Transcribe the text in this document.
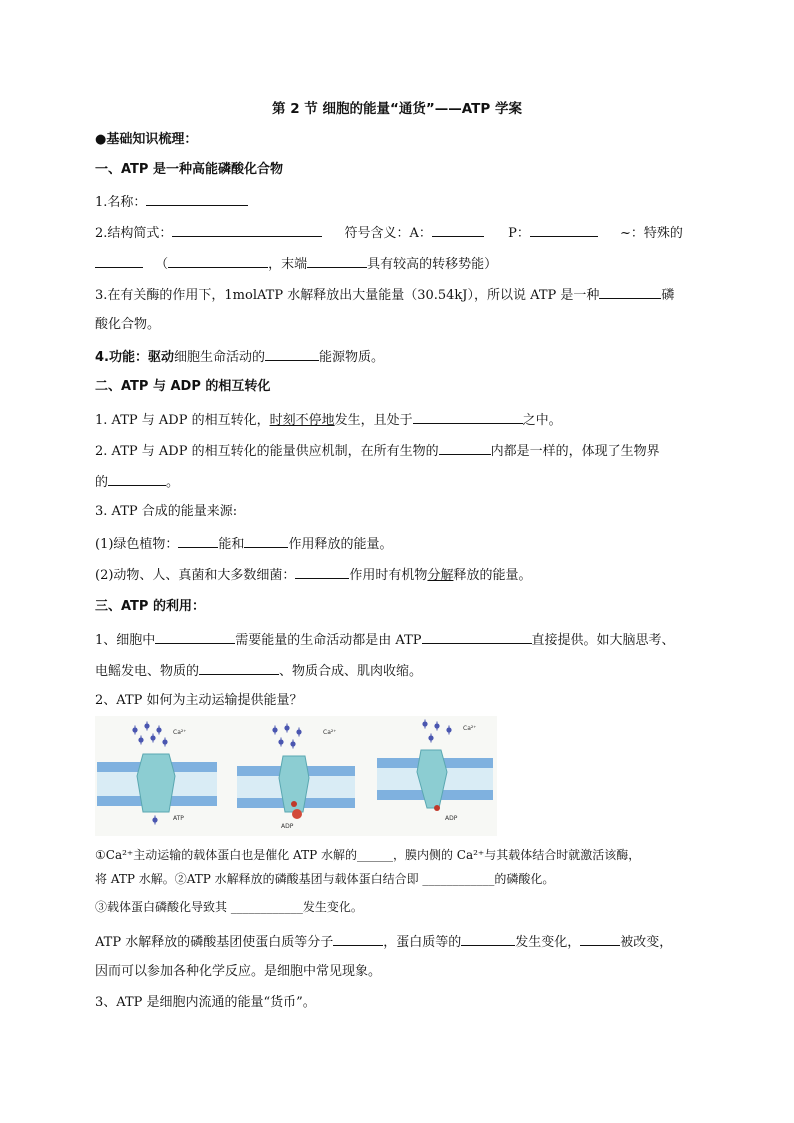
第 2 节 细胞的能量“通货”——ATP 学案
●基础知识梳理：
一、ATP 是一种高能磷酸化合物
1.名称：
2.结构简式：	符号含义：A：	P：	~：特殊的
（	，末端	具有较高的转移势能）
3.在有关酶的作用下，1molATP 水解释放出大量能量（30.54kJ），所以说 ATP 是一种	磷
酸化合物。
4.功能：驱动细胞生命活动的	能源物质。
二、ATP 与 ADP 的相互转化
1. ATP 与 ADP 的相互转化，时刻不停地发生，且处于	之中。
2. ATP 与 ADP 的相互转化的能量供应机制，在所有生物的	内都是一样的，体现了生物界
的	。
3. ATP 合成的能量来源:
(1)绿色植物：	能和	作用释放的能量。
(2)动物、人、真菌和大多数细菌：	作用时有机物分解释放的能量。
三、ATP 的利用：
1、细胞中	需要能量的生命活动都是由 ATP	直接提供。如大脑思考、
电鳐发电、物质的	、物质合成、肌肉收缩。
2、ATP 如何为主动运输提供能量？
Ca²⁺
ATP
Ca²⁺
ADP
Ca²⁺
ADP
①Ca²⁺主动运输的载体蛋白也是催化 ATP 水解的______，膜内侧的 Ca²⁺与其载体结合时就激活该酶，
将 ATP 水解。②ATP 水解释放的磷酸基团与载体蛋白结合即 ____________的磷酸化。
③载体蛋白磷酸化导致其 ____________发生变化。
ATP 水解释放的磷酸基团使蛋白质等分子	，蛋白质等的	发生变化，	被改变，
因而可以参加各种化学反应。是细胞中常见现象。
3、ATP 是细胞内流通的能量“货币”。
